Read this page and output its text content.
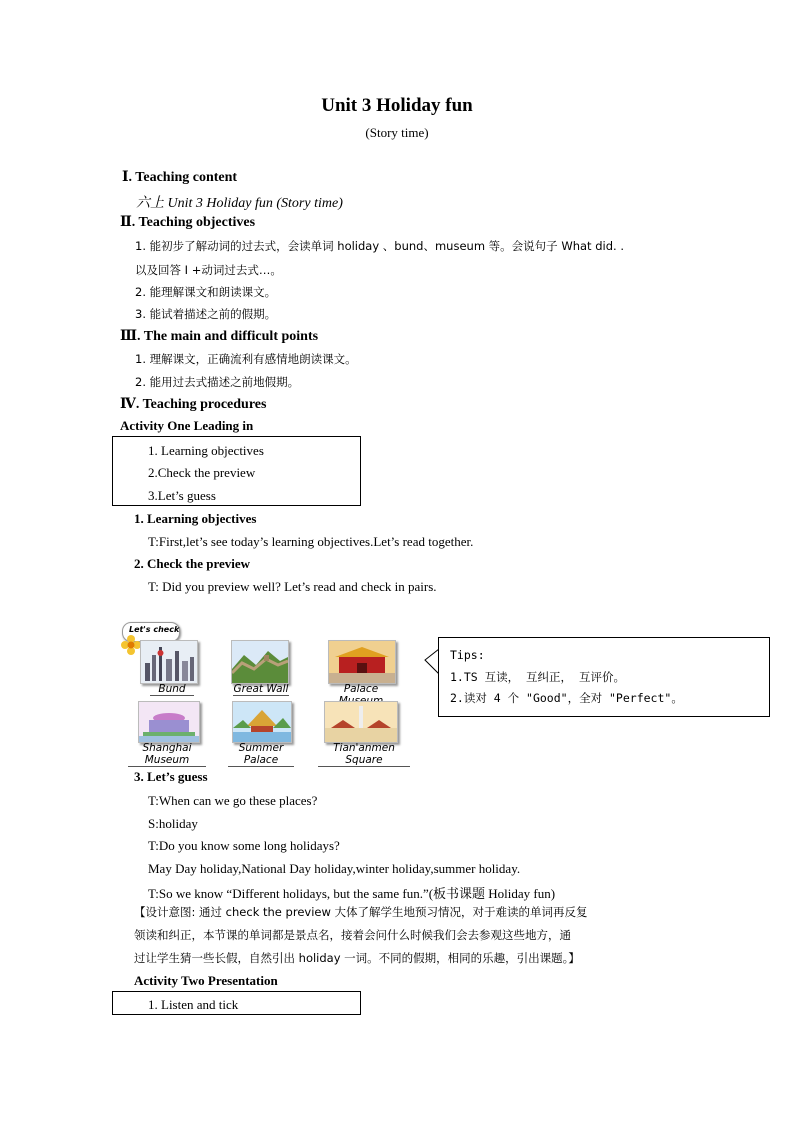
Unit 3 Holiday fun
(Story time)
Ⅰ. Teaching content
六上 Unit 3 Holiday fun (Story time)
Ⅱ. Teaching objectives
1. 能初步了解动词的过去式，会读单词 holiday 、bund、museum 等。会说句子 What did. .
以及回答 I +动词过去式…。
2. 能理解课文和朗读课文。
3. 能试着描述之前的假期。
Ⅲ. The main and difficult points
1. 理解课文，正确流利有感情地朗读课文。
2. 能用过去式描述之前地假期。
Ⅳ. Teaching procedures
Activity One Leading in
1. Learning objectives
2.Check the preview
3.Let’s guess
1. Learning objectives
T:First,let’s see today’s learning objectives.Let’s read together.
2. Check the preview
T: Did you preview well? Let’s read and check in pairs.
Let's check
Bund	Great Wall	Palace
Shanghai Museum
Summer Palace
Tian'anmen Square
Tips:
1.TS 互读， 互纠正， 互评价。
2.读对 4 个 "Good"，全对 "Perfect"。
3. Let’s guess
T:When can we go these places?
S:holiday
T:Do you know some long holidays?
May Day holiday,National Day holiday,winter holiday,summer holiday.
T:So we know “Different holidays, but the same fun.”(板书课题 Holiday fun)
【设计意图: 通过 check the preview 大体了解学生地预习情况，对于难读的单词再反复
领读和纠正，本节课的单词都是景点名，接着会问什么时候我们会去参观这些地方，通
过让学生猜一些长假，自然引出 holiday 一词。不同的假期，相同的乐趣，引出课题。】
Activity Two Presentation
1. Listen and tick
